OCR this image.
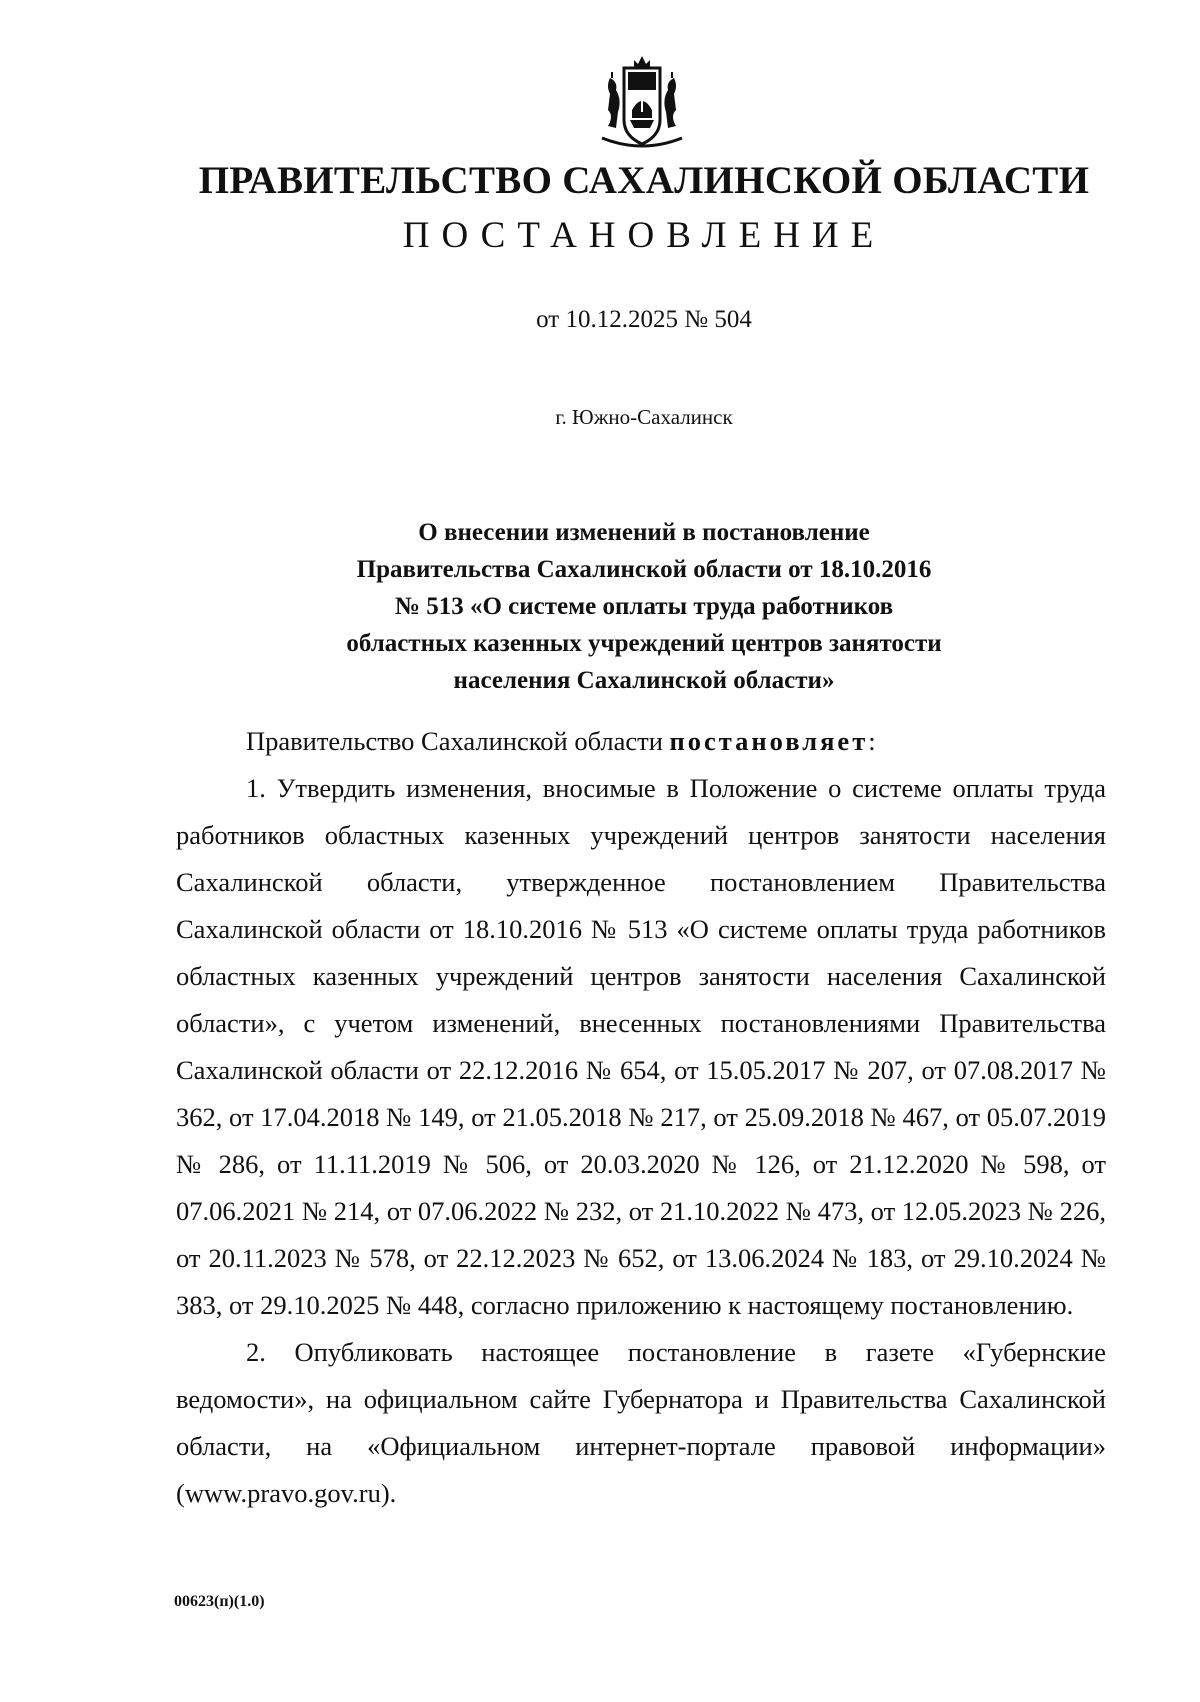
ПРАВИТЕЛЬСТВО САХАЛИНСКОЙ ОБЛАСТИ
ПОСТАНОВЛЕНИЕ
от 10.12.2025 № 504
г. Южно-Сахалинск
О внесении изменений в постановление
Правительства Сахалинской области от 18.10.2016
№ 513 «О системе оплаты труда работников
областных казенных учреждений центров занятости
населения Сахалинской области»

Правительство Сахалинской области постановляет:

1. Утвердить изменения, вносимые в Положение о системе оплаты труда работников областных казенных учреждений центров занятости населения Сахалинской области, утвержденное постановлением Правительства Сахалинской области от 18.10.2016 № 513 «О системе оплаты труда работников областных казенных учреждений центров занятости населения Сахалинской области», с учетом изменений, внесенных постановлениями Правительства Сахалинской области от 22.12.2016 № 654, от 15.05.2017 № 207, от 07.08.2017 № 362, от 17.04.2018 № 149, от 21.05.2018 № 217, от 25.09.2018 № 467, от 05.07.2019 № 286, от 11.11.2019 № 506, от 20.03.2020 № 126, от 21.12.2020 № 598, от 07.06.2021 № 214, от 07.06.2022 № 232, от 21.10.2022 № 473, от 12.05.2023 № 226, от 20.11.2023 № 578, от 22.12.2023 № 652, от 13.06.2024 № 183, от 29.10.2024 № 383, от 29.10.2025 № 448, согласно приложению к настоящему постановлению.

2. Опубликовать настоящее постановление в газете «Губернские ведомости», на официальном сайте Губернатора и Правительства Сахалинской области, на «Официальном интернет-портале правовой информации» (www.pravo.gov.ru).

00623(п)(1.0)
